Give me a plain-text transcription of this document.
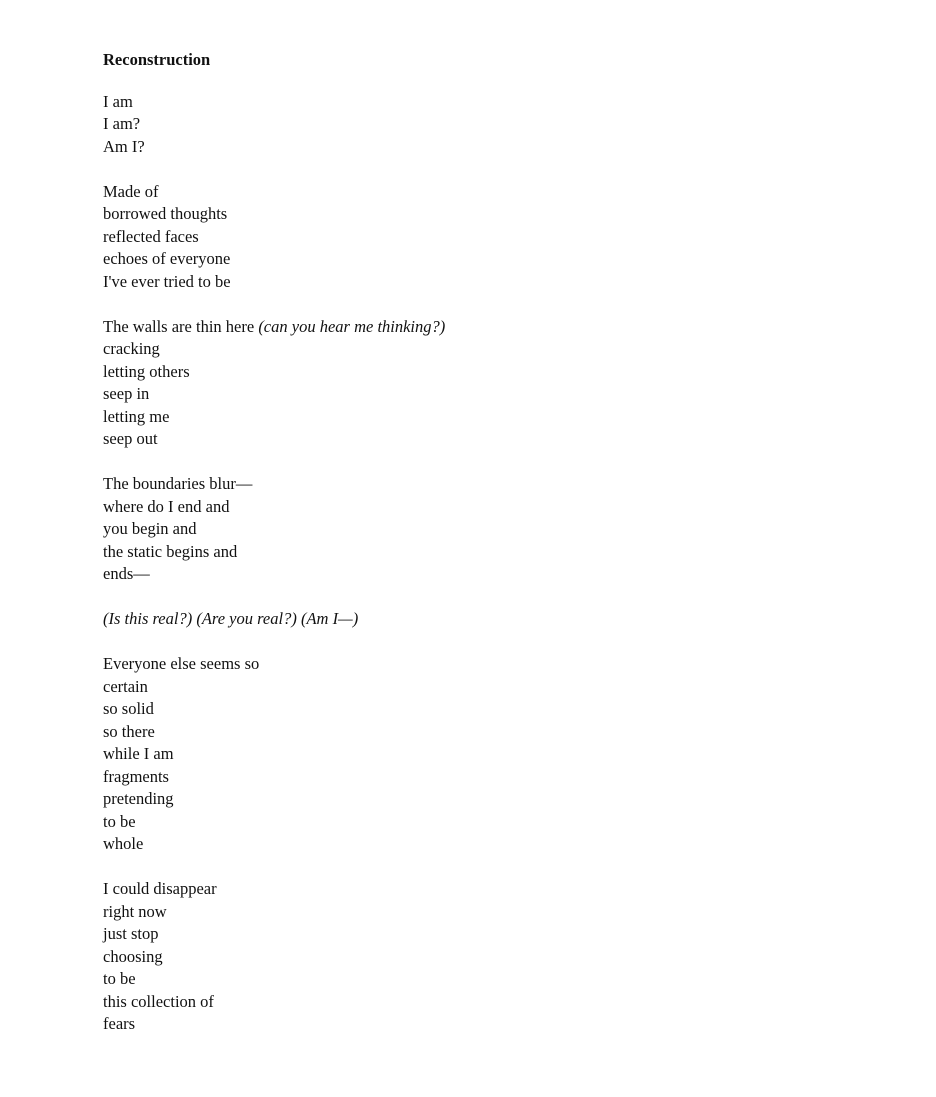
Reconstruction
I am
I am?
Am I?
Made of
borrowed thoughts
reflected faces
echoes of everyone
I've ever tried to be
The walls are thin here (can you hear me thinking?)
cracking
letting others
seep in
letting me
seep out
The boundaries blur—
where do I end and
you begin and
the static begins and
ends—
(Is this real?) (Are you real?) (Am I—)
Everyone else seems so
certain
so solid
so there
while I am
fragments
pretending
to be
whole
I could disappear
right now
just stop
choosing
to be
this collection of
fears
